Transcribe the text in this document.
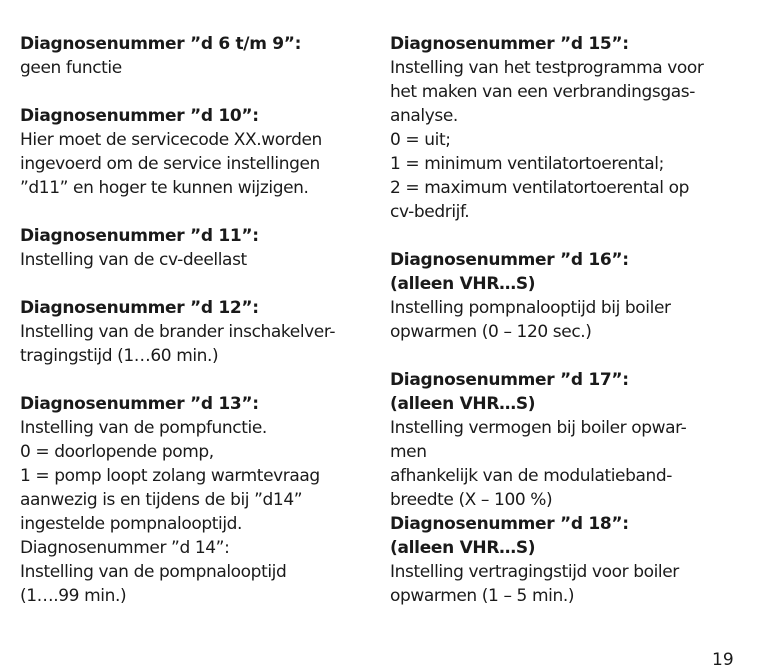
Diagnosenummer ”d 6 t/m 9”:
geen functie
Diagnosenummer ”d 10”:
Hier moet de servicecode XX.worden
ingevoerd om de service instellingen
”d11” en hoger te kunnen wijzigen.
Diagnosenummer ”d 11”:
Instelling van de cv-deellast
Diagnosenummer ”d 12”:
Instelling van de brander inschakelver-
tragingstijd (1…60 min.)
Diagnosenummer ”d 13”:
Instelling van de pompfunctie.
0 = doorlopende pomp,
1 = pomp loopt zolang warmtevraag
aanwezig is en tijdens de bij ”d14”
ingestelde pompnalooptijd.
Diagnosenummer ”d 14”:
Instelling van de pompnalooptijd
(1….99 min.)
Diagnosenummer ”d 15”:
Instelling van het testprogramma voor
het maken van een verbrandingsgas-
analyse.
0 = uit;
1 = minimum ventilatortoerental;
2 = maximum ventilatortoerental op
cv-bedrijf.
Diagnosenummer ”d 16”:
(alleen VHR…S)
Instelling pompnalooptijd bij boiler
opwarmen (0 – 120 sec.)
Diagnosenummer ”d 17”:
(alleen VHR…S)
Instelling vermogen bij boiler opwar-
men
afhankelijk van de modulatieband-
breedte (X – 100 %)
Diagnosenummer ”d 18”:
(alleen VHR…S)
Instelling vertragingstijd voor boiler
opwarmen (1 – 5 min.)
19
